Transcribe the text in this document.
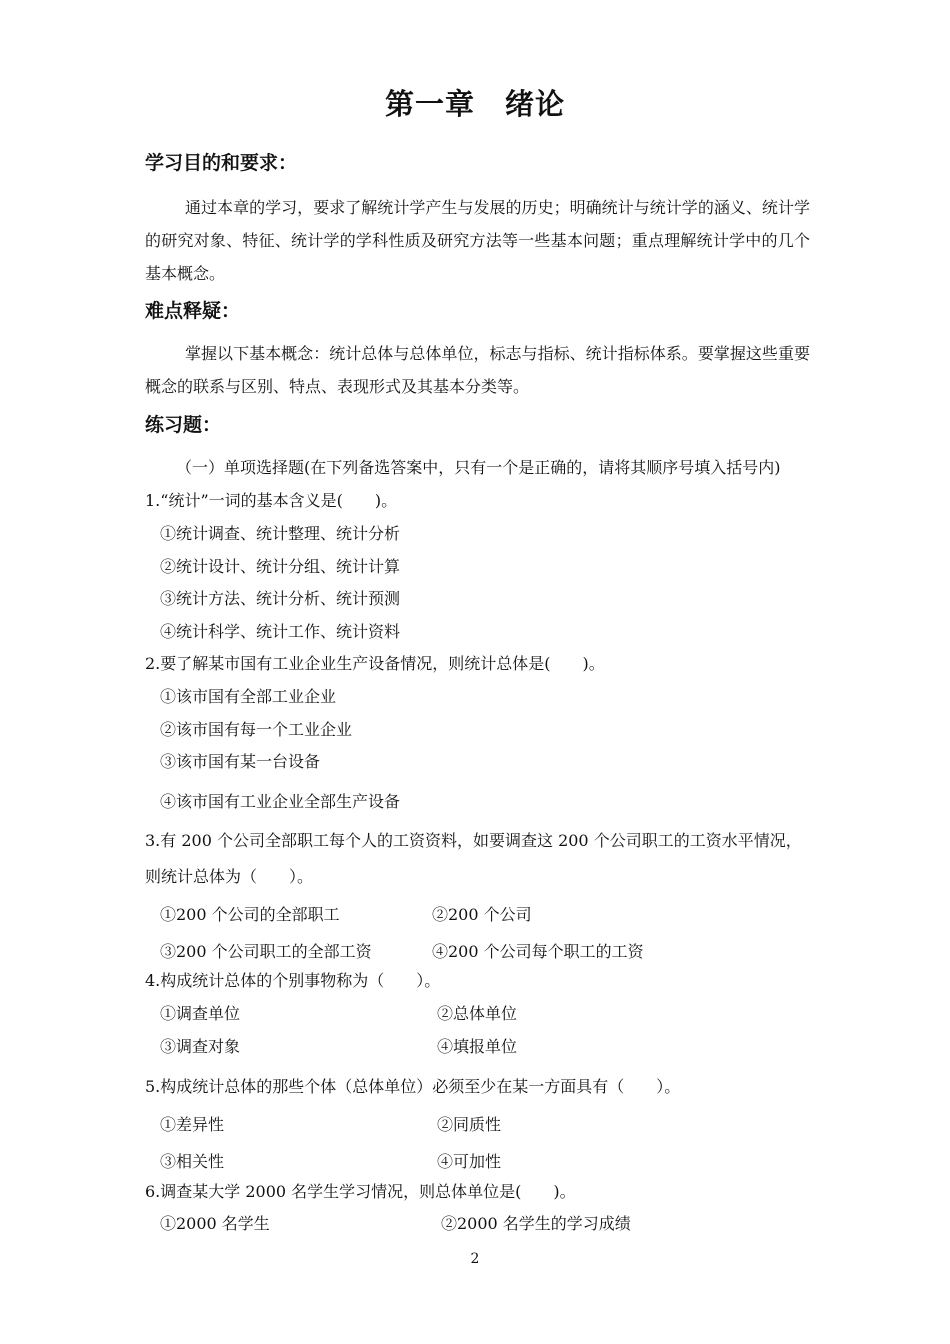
第一章　绪论
学习目的和要求：
通过本章的学习，要求了解统计学产生与发展的历史；明确统计与统计学的涵义、统计学的研究对象、特征、统计学的学科性质及研究方法等一些基本问题；重点理解统计学中的几个基本概念。
难点释疑：
掌握以下基本概念：统计总体与总体单位，标志与指标、统计指标体系。要掌握这些重要概念的联系与区别、特点、表现形式及其基本分类等。
练习题：
（一）单项选择题(在下列备选答案中，只有一个是正确的，请将其顺序号填入括号内)
1.“统计”一词的基本含义是(　　)。
①统计调查、统计整理、统计分析
②统计设计、统计分组、统计计算
③统计方法、统计分析、统计预测
④统计科学、统计工作、统计资料
2.要了解某市国有工业企业生产设备情况，则统计总体是(　　)。
①该市国有全部工业企业
②该市国有每一个工业企业
③该市国有某一台设备
④该市国有工业企业全部生产设备
3.有 200 个公司全部职工每个人的工资资料，如要调查这 200 个公司职工的工资水平情况，
则统计总体为（　　）。
①200 个公司的全部职工	②200 个公司
③200 个公司职工的全部工资	④200 个公司每个职工的工资
4.构成统计总体的个别事物称为（　　）。
①调查单位	②总体单位
③调查对象	④填报单位
5.构成统计总体的那些个体（总体单位）必须至少在某一方面具有（　　）。
①差异性	②同质性
③相关性	④可加性
6.调查某大学 2000 名学生学习情况，则总体单位是(　　)。
①2000 名学生	②2000 名学生的学习成绩
2
